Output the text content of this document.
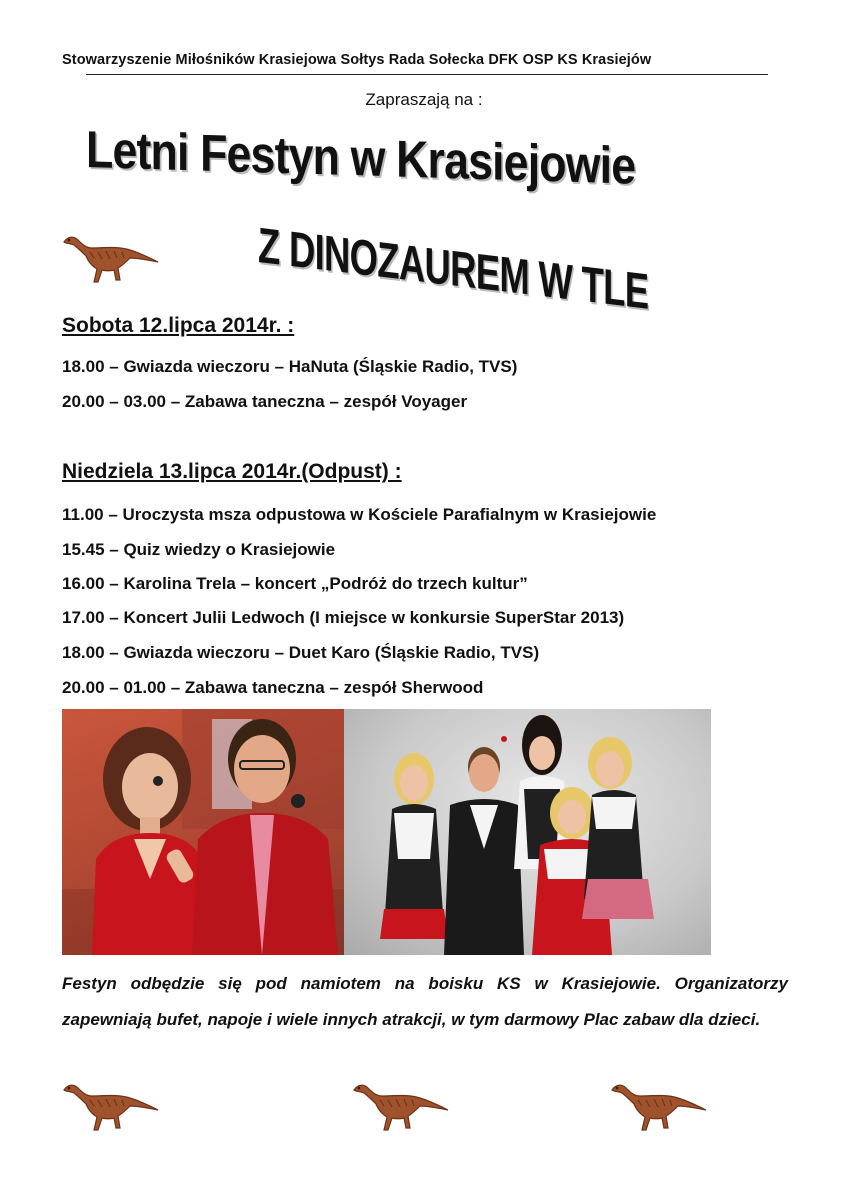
Stowarzyszenie Miłośników Krasiejowa Sołtys Rada Sołecka DFK OSP KS Krasiejów
Zapraszają na :
Letni Festyn w Krasiejowie
Z DINOZAUREM W TLE
Sobota 12.lipca 2014r. :
18.00 – Gwiazda wieczoru – HaNuta (Śląskie Radio, TVS)
20.00 – 03.00 – Zabawa taneczna – zespół Voyager
Niedziela 13.lipca 2014r.(Odpust) :
11.00 – Uroczysta msza odpustowa w Kościele Parafialnym w Krasiejowie
15.45 – Quiz wiedzy o Krasiejowie
16.00 – Karolina Trela – koncert „Podróż do trzech kultur”
17.00 – Koncert Julii Ledwoch (I miejsce w konkursie SuperStar 2013)
18.00 – Gwiazda wieczoru – Duet Karo (Śląskie Radio, TVS)
20.00 – 01.00 – Zabawa taneczna – zespół Sherwood
Festyn odbędzie się pod namiotem na boisku KS w Krasiejowie. Organizatorzy zapewniają bufet, napoje i wiele innych atrakcji, w tym darmowy Plac zabaw dla dzieci.
